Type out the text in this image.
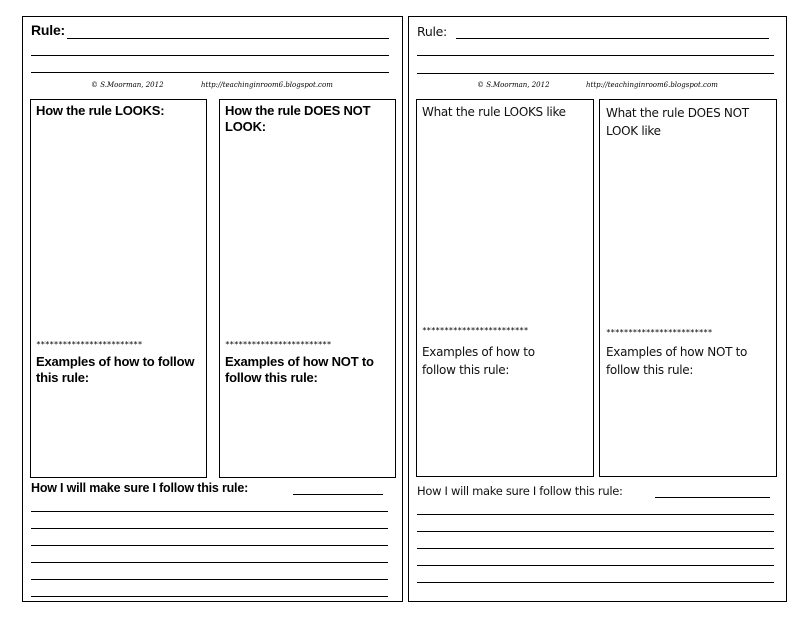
Rule:
© S.Moorman, 2012	http://teachinginroom6.blogspot.com
How the rule LOOKS:
************************
Examples of how to follow this rule:
How the rule DOES NOT LOOK:
************************
Examples of how NOT to follow this rule:
How I will make sure I follow this rule:
Rule:
© S.Moorman, 2012	http://teachinginroom6.blogspot.com
What the rule LOOKS like
************************
Examples of how to follow this rule:
What the rule DOES NOT LOOK like
************************
Examples of how NOT to follow this rule:
How I will make sure I follow this rule:
